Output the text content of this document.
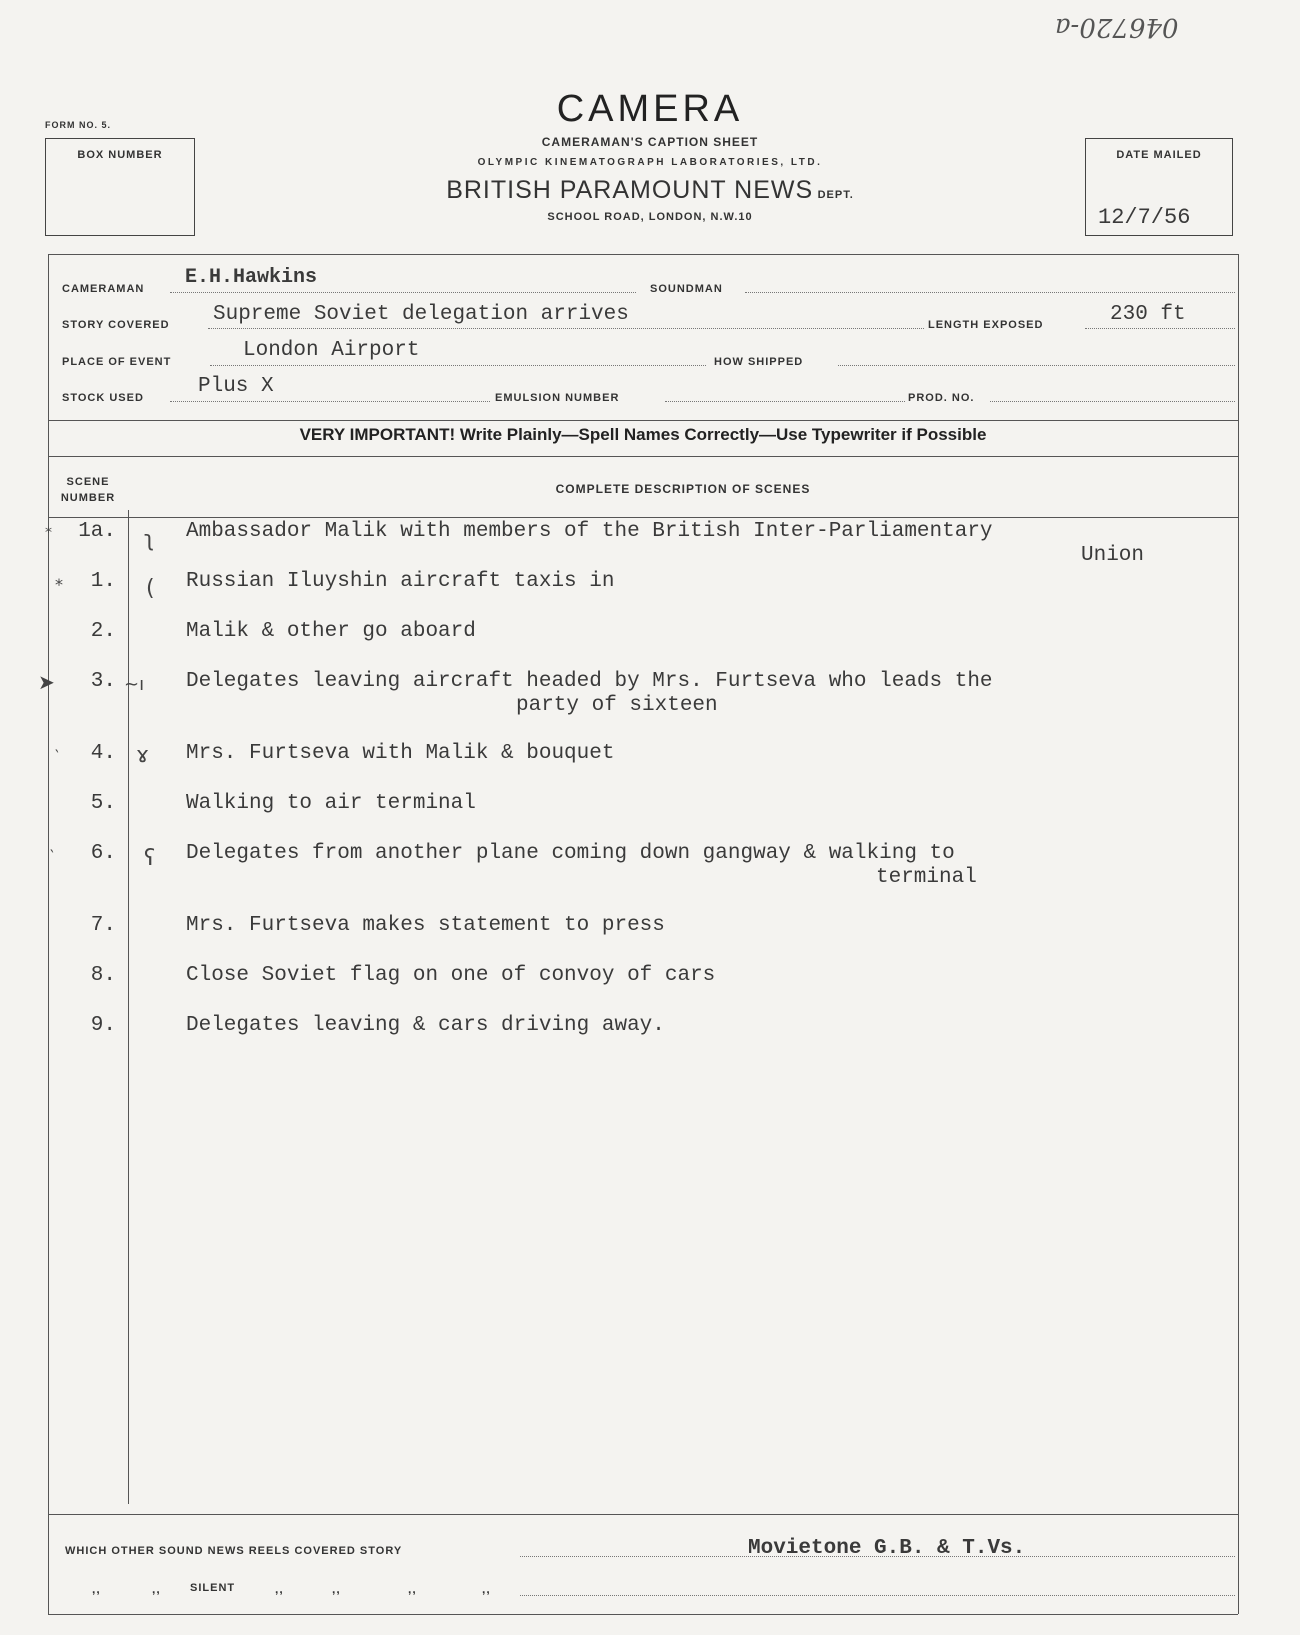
046720-a
FORM NO. 5.
BOX NUMBER	DATE MAILED
12/7/56
CAMERA
CAMERAMAN'S CAPTION SHEET
OLYMPIC KINEMATOGRAPH LABORATORIES, LTD.
BRITISH PARAMOUNT NEWS DEPT.
SCHOOL ROAD, LONDON, N.W.10
CAMERAMAN E.H.Hawkins	SOUNDMAN
STORY COVERED Supreme Soviet delegation arrives	LENGTH EXPOSED	230 ft
PLACE OF EVENT	London Airport	HOW SHIPPED
STOCK USED	Plus X	EMULSION NUMBER	PROD. NO.
VERY IMPORTANT! Write Plainly—Spell Names Correctly—Use Typewriter if Possible
SCENE
NUMBER
COMPLETE DESCRIPTION OF SCENES
1a.	Ambassador Malik with members of the British Inter-Parliamentary
Union
1.	Russian Iluyshin aircraft taxis in
2.	Malik & other go aboard
3.	Delegates leaving aircraft headed by Mrs. Furtseva who leads the
party of sixteen
4.	Mrs. Furtseva with Malik & bouquet
5.	Walking to air terminal
6.	Delegates from another plane coming down gangway & walking to
terminal
7.	Mrs. Furtseva makes statement to press
8.	Close Soviet flag on one of convoy of cars
9.	Delegates leaving & cars driving away.
*
*
➤
‵
‵
ʅ
(
~ı
ɤ
ʕ
WHICH OTHER SOUND NEWS REELS COVERED STORY	Movietone G.B. & T.Vs.
,,	,,	SILENT	,,	,,	,,	,,
